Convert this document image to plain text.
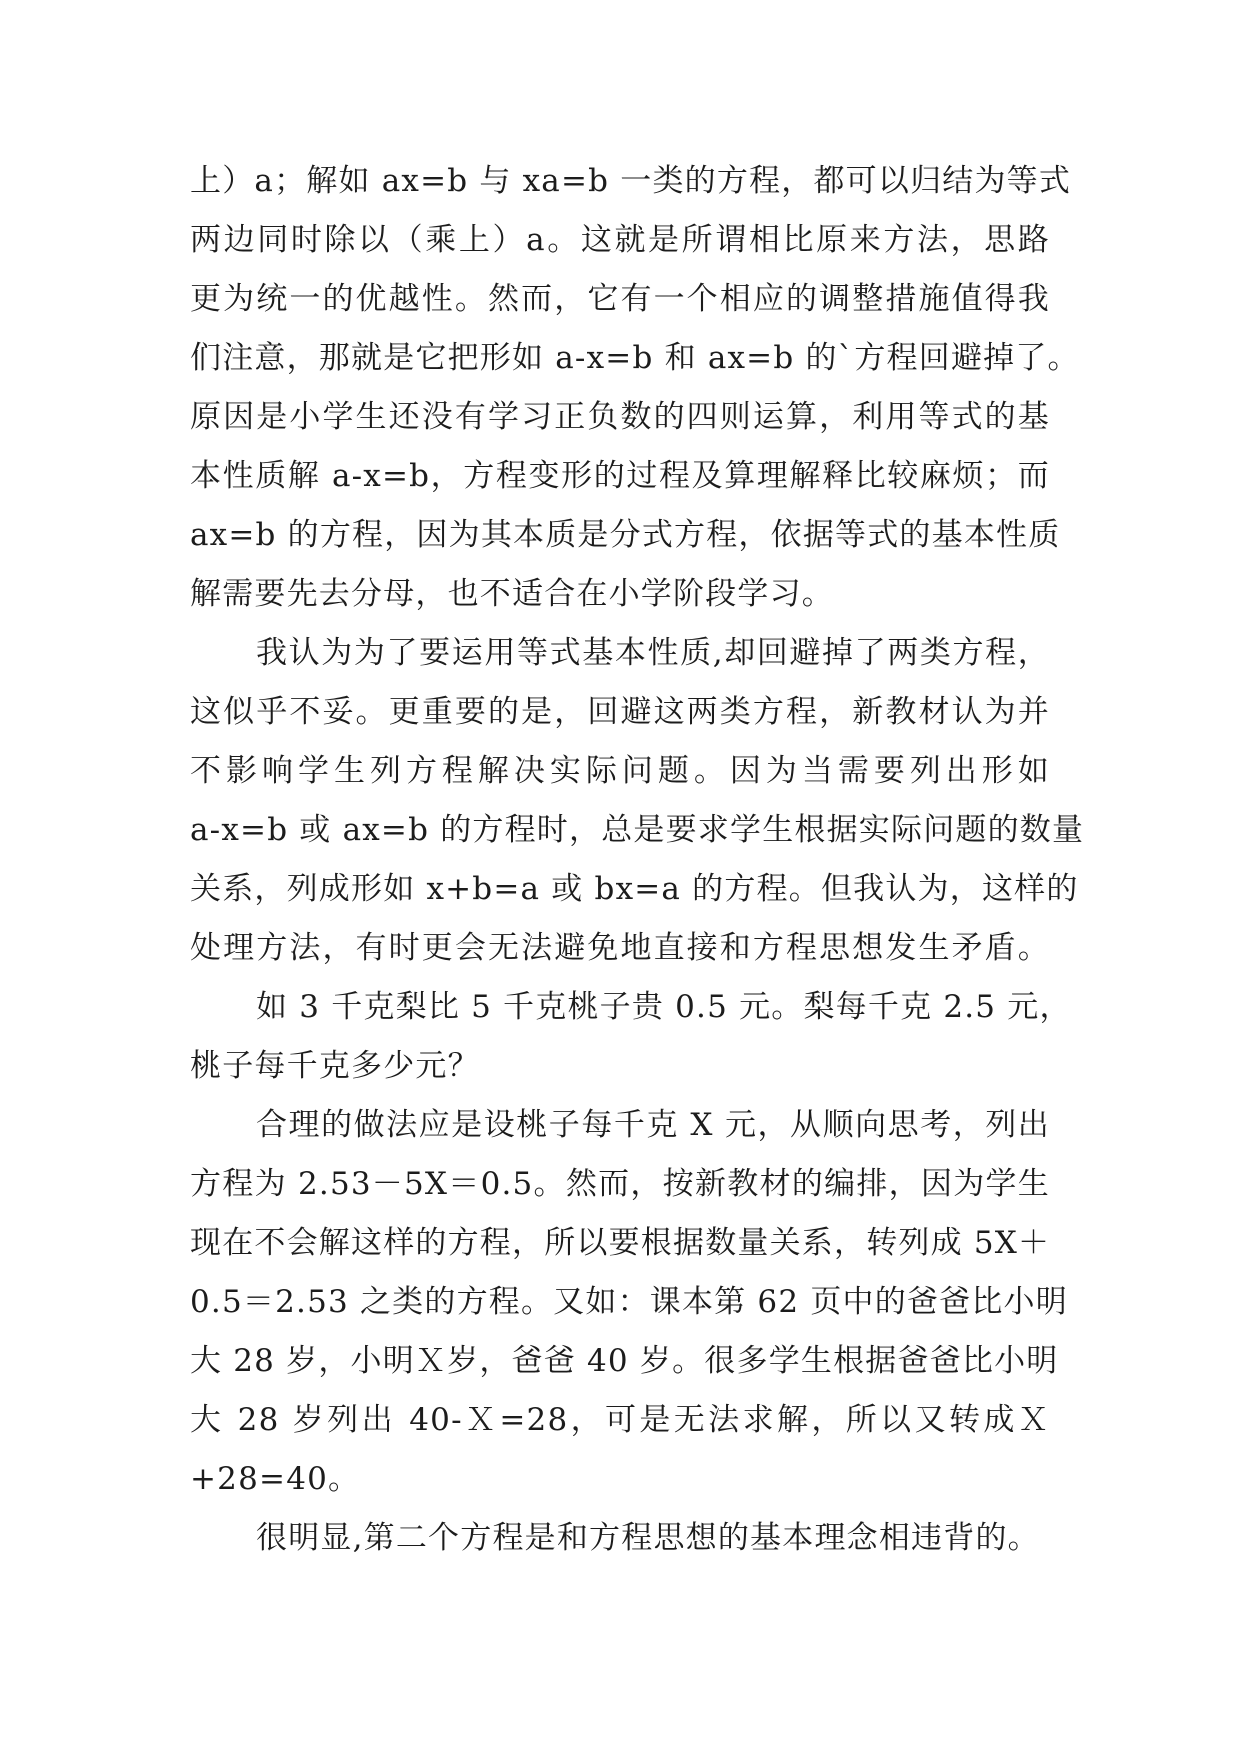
上）a；解如 ax=b 与 xa=b 一类的方程，都可以归结为等式
两边同时除以（乘上）a。这就是所谓相比原来方法，思路
更为统一的优越性。然而，它有一个相应的调整措施值得我
们注意，那就是它把形如 a-x=b 和 ax=b 的`方程回避掉了。
原因是小学生还没有学习正负数的四则运算，利用等式的基
本性质解 a-x=b，方程变形的过程及算理解释比较麻烦；而
ax=b 的方程，因为其本质是分式方程，依据等式的基本性质
解需要先去分母，也不适合在小学阶段学习。
我认为为了要运用等式基本性质,却回避掉了两类方程，
这似乎不妥。更重要的是，回避这两类方程，新教材认为并
不影响学生列方程解决实际问题。因为当需要列出形如
a-x=b 或 ax=b 的方程时，总是要求学生根据实际问题的数量
关系，列成形如 x+b=a 或 bx=a 的方程。但我认为，这样的
处理方法，有时更会无法避免地直接和方程思想发生矛盾。
如 3 千克梨比 5 千克桃子贵 0.5 元。梨每千克 2.5 元，
桃子每千克多少元？
合理的做法应是设桃子每千克 X 元，从顺向思考，列出
方程为 2.53－5X＝0.5。然而，按新教材的编排，因为学生
现在不会解这样的方程，所以要根据数量关系，转列成 5X＋
0.5＝2.53 之类的方程。又如：课本第 62 页中的爸爸比小明
大 28 岁，小明Ｘ岁，爸爸 40 岁。很多学生根据爸爸比小明
大 28 岁列出 40-Ｘ=28，可是无法求解，所以又转成Ｘ
+28=40。
很明显,第二个方程是和方程思想的基本理念相违背的。
